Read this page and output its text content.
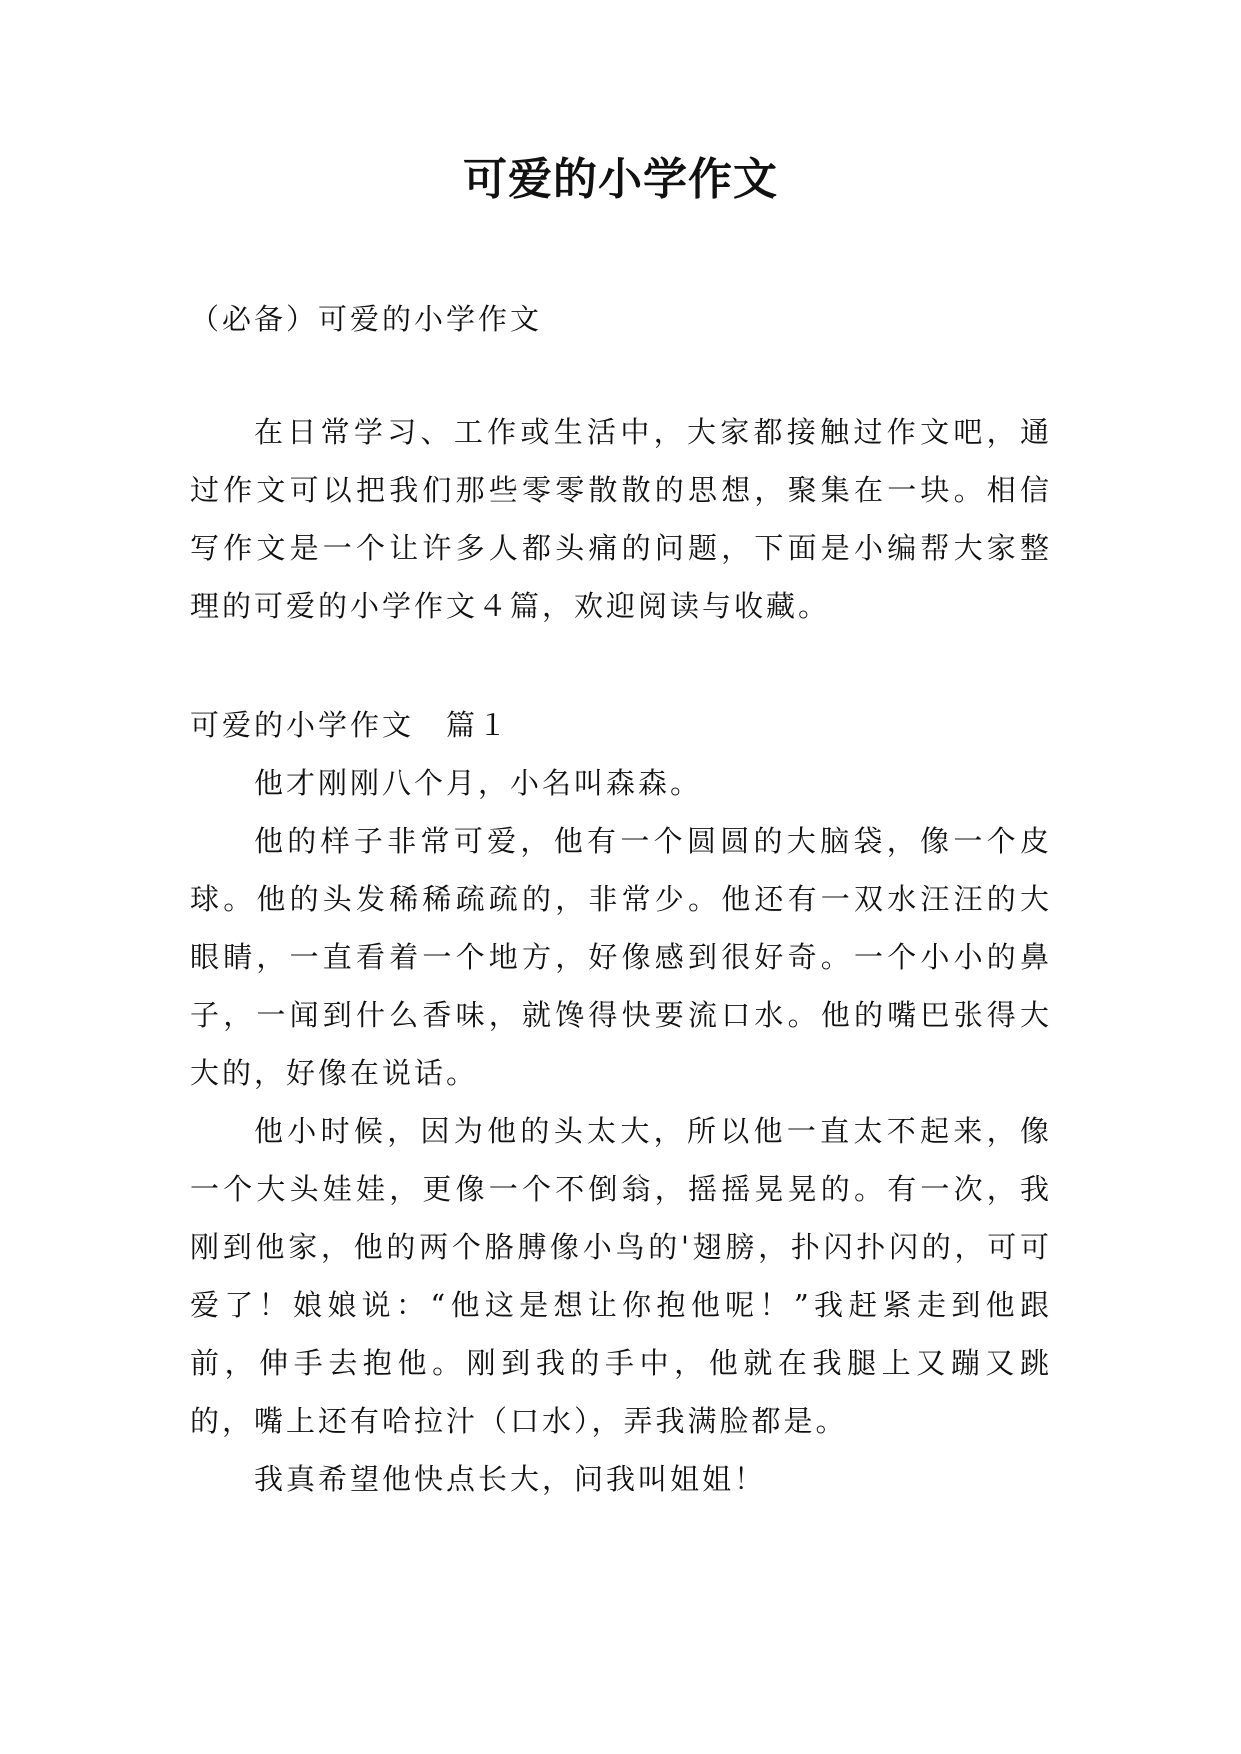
可爱的小学作文

（必备）可爱的小学作文

在日常学习、工作或生活中，大家都接触过作文吧，通过作文可以把我们那些零零散散的思想，聚集在一块。相信写作文是一个让许多人都头痛的问题，下面是小编帮大家整理的可爱的小学作文４篇，欢迎阅读与收藏。

可爱的小学作文　篇１

他才刚刚八个月，小名叫森森。

他的样子非常可爱，他有一个圆圆的大脑袋，像一个皮球。他的头发稀稀疏疏的，非常少。他还有一双水汪汪的大眼睛，一直看着一个地方，好像感到很好奇。一个小小的鼻子，一闻到什么香味，就馋得快要流口水。他的嘴巴张得大大的，好像在说话。

他小时候，因为他的头太大，所以他一直太不起来，像一个大头娃娃，更像一个不倒翁，摇摇晃晃的。有一次，我刚到他家，他的两个胳膊像小鸟的'翅膀，扑闪扑闪的，可可爱了！娘娘说：“他这是想让你抱他呢！”我赶紧走到他跟前，伸手去抱他。刚到我的手中，他就在我腿上又蹦又跳的，嘴上还有哈拉汁（口水），弄我满脸都是。

我真希望他快点长大，问我叫姐姐！
